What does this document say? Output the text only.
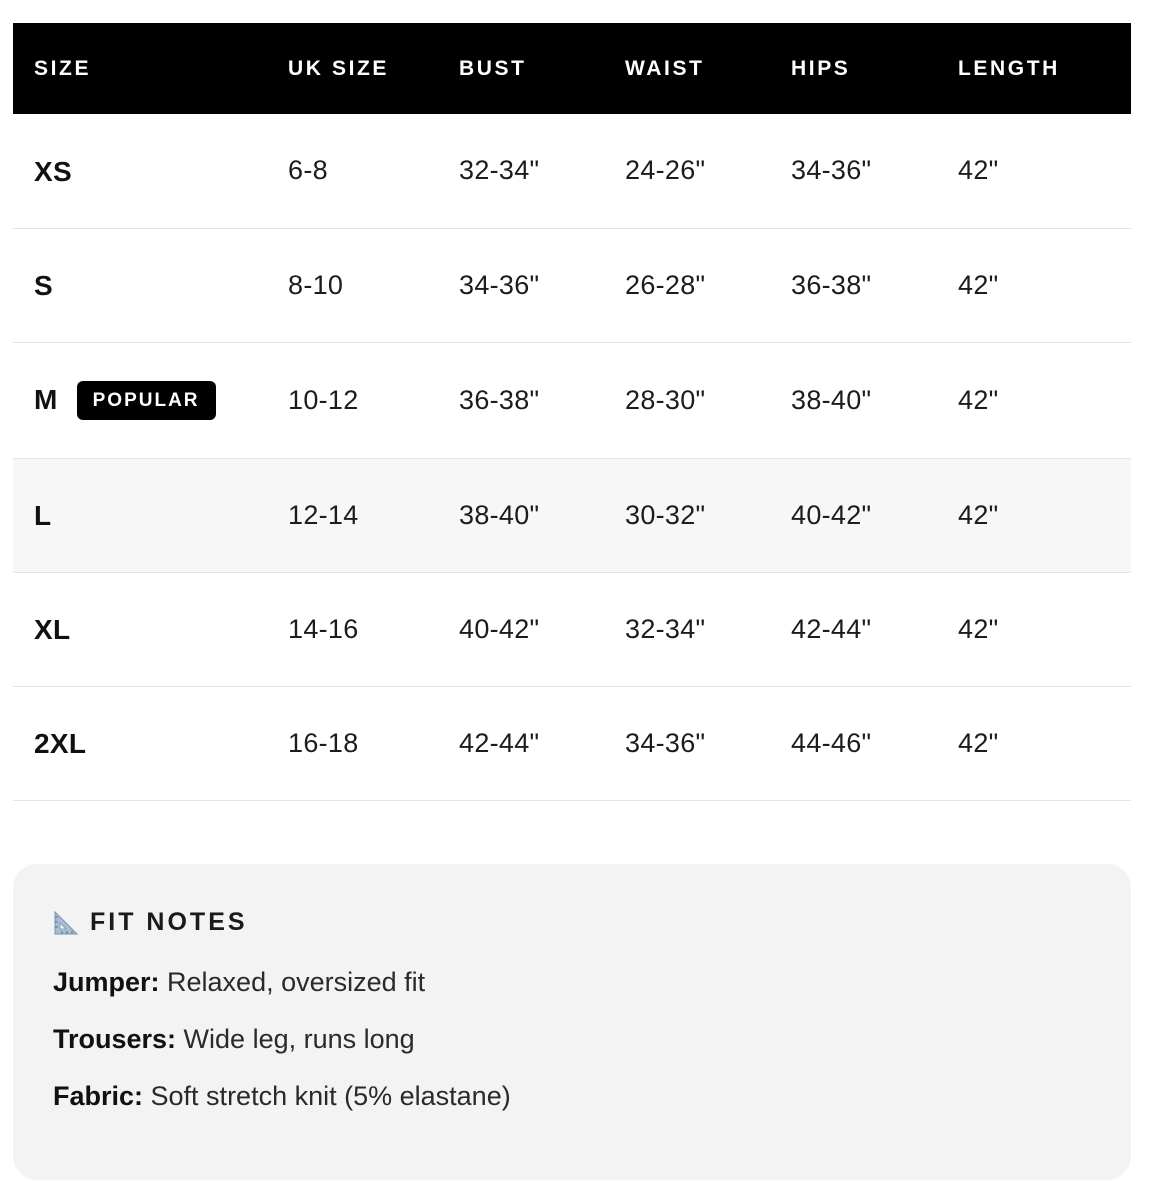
SIZE	UK SIZE	BUST	WAIST	HIPS	LENGTH
XS	6-8	32-34"	24-26"	34-36"	42"
S	8-10	34-36"	26-28"	36-38"	42"
M POPULAR	10-12	36-38"	28-30"	38-40"	42"
L	12-14	38-40"	30-32"	40-42"	42"
XL	14-16	40-42"	32-34"	42-44"	42"
2XL	16-18	42-44"	34-36"	44-46"	42"
FIT NOTES
Jumper: Relaxed, oversized fit
Trousers: Wide leg, runs long
Fabric: Soft stretch knit (5% elastane)
